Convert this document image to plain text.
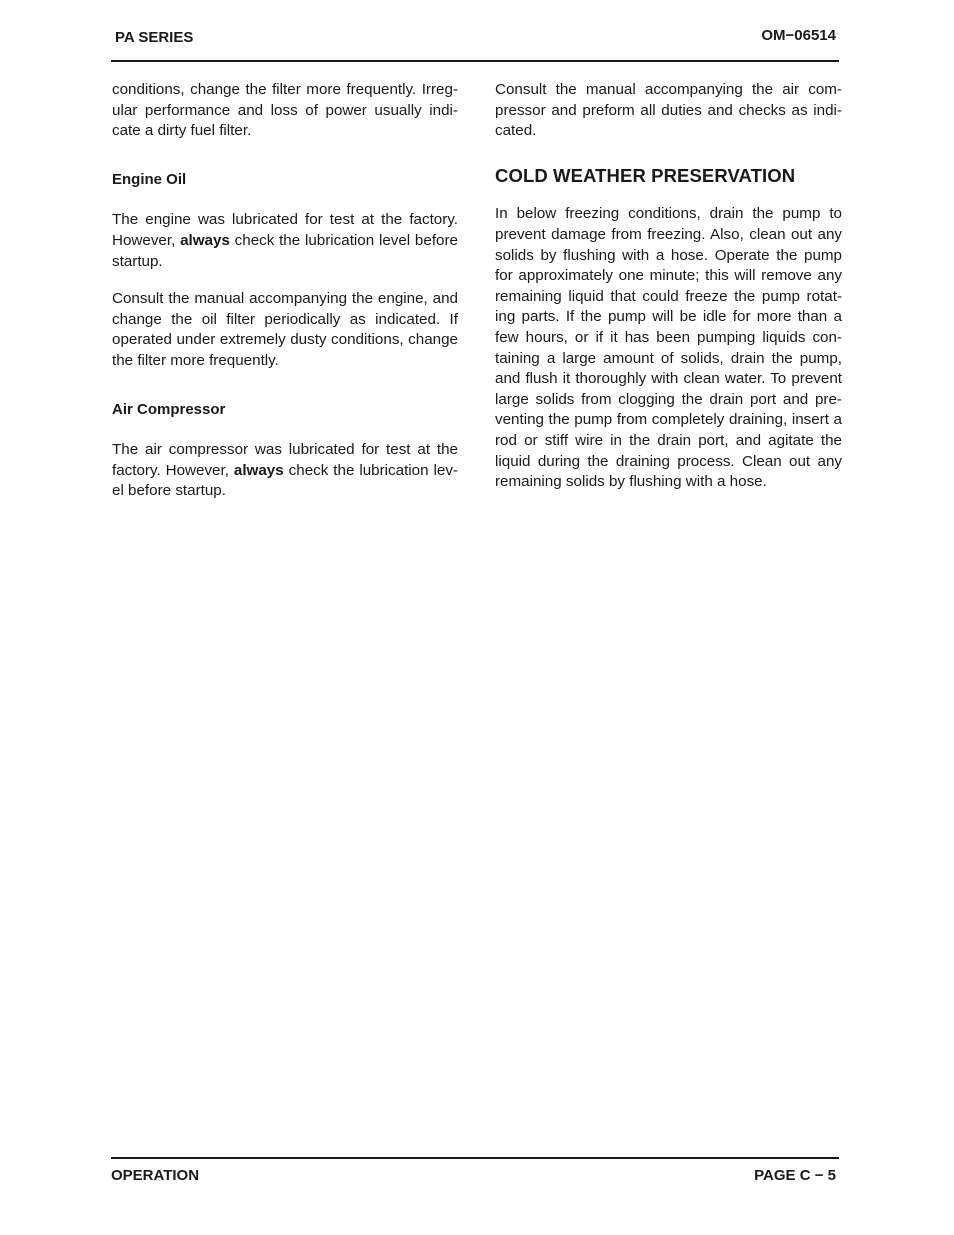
PA SERIES	OM−06514

conditions, change the filter more frequently. Irreg-ular performance and loss of power usually indi-cate a dirty fuel filter.

Engine Oil

The engine was lubricated for test at the factory. However, always check the lubrication level before startup.

Consult the manual accompanying the engine, and change the oil filter periodically as indicated. If operated under extremely dusty conditions, change the filter more frequently.

Air Compressor

The air compressor was lubricated for test at the factory. However, always check the lubrication lev-el before startup.

Consult the manual accompanying the air com-pressor and preform all duties and checks as indi-cated.

COLD WEATHER PRESERVATION

In below freezing conditions, drain the pump to prevent damage from freezing. Also, clean out any solids by flushing with a hose. Operate the pump for approximately one minute; this will remove any remaining liquid that could freeze the pump rotat-ing parts. If the pump will be idle for more than a few hours, or if it has been pumping liquids con-taining a large amount of solids, drain the pump, and flush it thoroughly with clean water. To prevent large solids from clogging the drain port and pre-venting the pump from completely draining, insert a rod or stiff wire in the drain port, and agitate the liquid during the draining process. Clean out any remaining solids by flushing with a hose.

OPERATION	PAGE C − 5
